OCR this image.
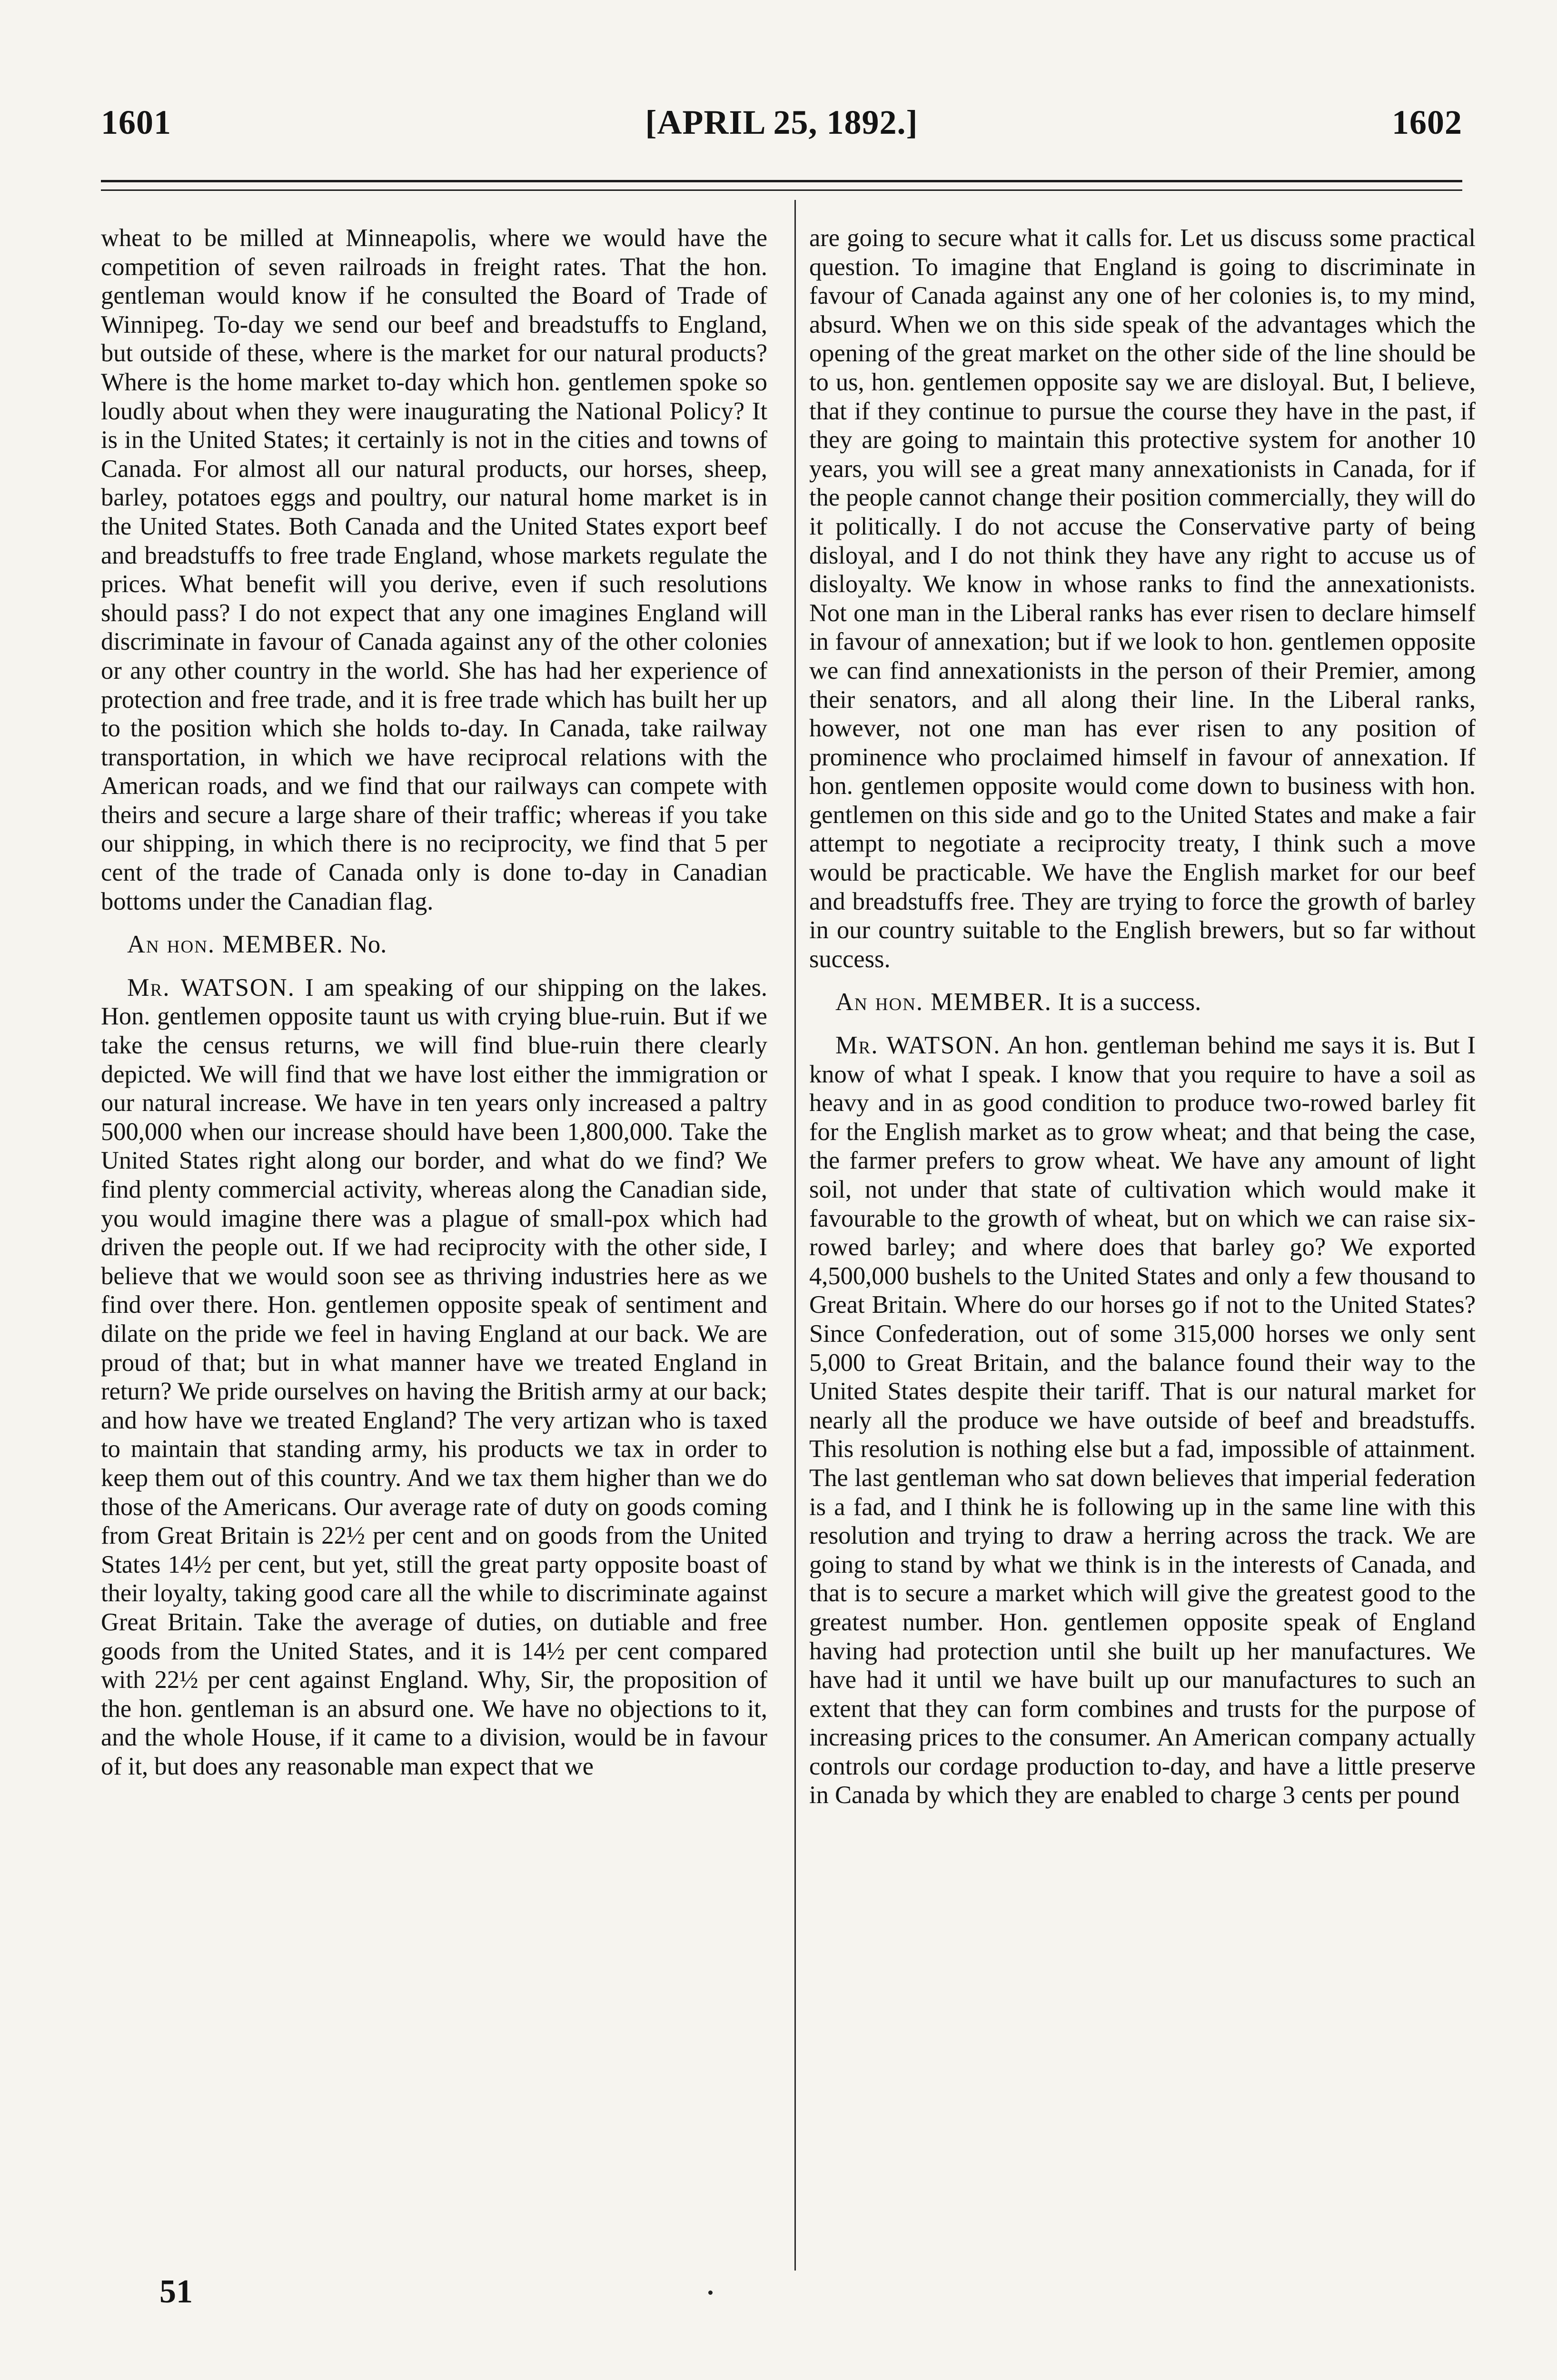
1601	[APRIL 25, 1892.]	1602

wheat to be milled at Minneapolis, where we would have the competition of seven railroads in freight rates. That the hon. gentleman would know if he consulted the Board of Trade of Winnipeg. To-day we send our beef and breadstuffs to England, but outside of these, where is the market for our natural products? Where is the home market to-day which hon. gentlemen spoke so loudly about when they were inaugurating the National Policy? It is in the United States; it certainly is not in the cities and towns of Canada. For almost all our natural products, our horses, sheep, barley, potatoes eggs and poultry, our natural home market is in the United States. Both Canada and the United States export beef and breadstuffs to free trade England, whose markets regulate the prices. What benefit will you derive, even if such resolutions should pass? I do not expect that any one imagines England will discriminate in favour of Canada against any of the other colonies or any other country in the world. She has had her experience of protection and free trade, and it is free trade which has built her up to the position which she holds to-day. In Canada, take railway transportation, in which we have reciprocal relations with the American roads, and we find that our railways can compete with theirs and secure a large share of their traffic; whereas if you take our shipping, in which there is no reciprocity, we find that 5 per cent of the trade of Canada only is done to-day in Canadian bottoms under the Canadian flag.

An hon. MEMBER. No.

Mr. WATSON. I am speaking of our shipping on the lakes. Hon. gentlemen opposite taunt us with crying blue-ruin. But if we take the census returns, we will find blue-ruin there clearly depicted. We will find that we have lost either the immigration or our natural increase. We have in ten years only increased a paltry 500,000 when our increase should have been 1,800,000. Take the United States right along our border, and what do we find? We find plenty commercial activity, whereas along the Canadian side, you would imagine there was a plague of small-pox which had driven the people out. If we had reciprocity with the other side, I believe that we would soon see as thriving industries here as we find over there. Hon. gentlemen opposite speak of sentiment and dilate on the pride we feel in having England at our back. We are proud of that; but in what manner have we treated England in return? We pride ourselves on having the British army at our back; and how have we treated England? The very artizan who is taxed to maintain that standing army, his products we tax in order to keep them out of this country. And we tax them higher than we do those of the Americans. Our average rate of duty on goods coming from Great Britain is 22½ per cent and on goods from the United States 14½ per cent, but yet, still the great party opposite boast of their loyalty, taking good care all the while to discriminate against Great Britain. Take the average of duties, on dutiable and free goods from the United States, and it is 14½ per cent compared with 22½ per cent against England. Why, Sir, the proposition of the hon. gentleman is an absurd one. We have no objections to it, and the whole House, if it came to a division, would be in favour of it, but does any reasonable man expect that we

are going to secure what it calls for. Let us discuss some practical question. To imagine that England is going to discriminate in favour of Canada against any one of her colonies is, to my mind, absurd. When we on this side speak of the advantages which the opening of the great market on the other side of the line should be to us, hon. gentlemen opposite say we are disloyal. But, I believe, that if they continue to pursue the course they have in the past, if they are going to maintain this protective system for another 10 years, you will see a great many annexationists in Canada, for if the people cannot change their position commercially, they will do it politically. I do not accuse the Conservative party of being disloyal, and I do not think they have any right to accuse us of disloyalty. We know in whose ranks to find the annexationists. Not one man in the Liberal ranks has ever risen to declare himself in favour of annexation; but if we look to hon. gentlemen opposite we can find annexationists in the person of their Premier, among their senators, and all along their line. In the Liberal ranks, however, not one man has ever risen to any position of prominence who proclaimed himself in favour of annexation. If hon. gentlemen opposite would come down to business with hon. gentlemen on this side and go to the United States and make a fair attempt to negotiate a reciprocity treaty, I think such a move would be practicable. We have the English market for our beef and breadstuffs free. They are trying to force the growth of barley in our country suitable to the English brewers, but so far without success.

An hon. MEMBER. It is a success.

Mr. WATSON. An hon. gentleman behind me says it is. But I know of what I speak. I know that you require to have a soil as heavy and in as good condition to produce two-rowed barley fit for the English market as to grow wheat; and that being the case, the farmer prefers to grow wheat. We have any amount of light soil, not under that state of cultivation which would make it favourable to the growth of wheat, but on which we can raise six-rowed barley; and where does that barley go? We exported 4,500,000 bushels to the United States and only a few thousand to Great Britain. Where do our horses go if not to the United States? Since Confederation, out of some 315,000 horses we only sent 5,000 to Great Britain, and the balance found their way to the United States despite their tariff. That is our natural market for nearly all the produce we have outside of beef and breadstuffs. This resolution is nothing else but a fad, impossible of attainment. The last gentleman who sat down believes that imperial federation is a fad, and I think he is following up in the same line with this resolution and trying to draw a herring across the track. We are going to stand by what we think is in the interests of Canada, and that is to secure a market which will give the greatest good to the greatest number. Hon. gentlemen opposite speak of England having had protection until she built up her manufactures. We have had it until we have built up our manufactures to such an extent that they can form combines and trusts for the purpose of increasing prices to the consumer. An American company actually controls our cordage production to-day, and have a little preserve in Canada by which they are enabled to charge 3 cents per pound

51
